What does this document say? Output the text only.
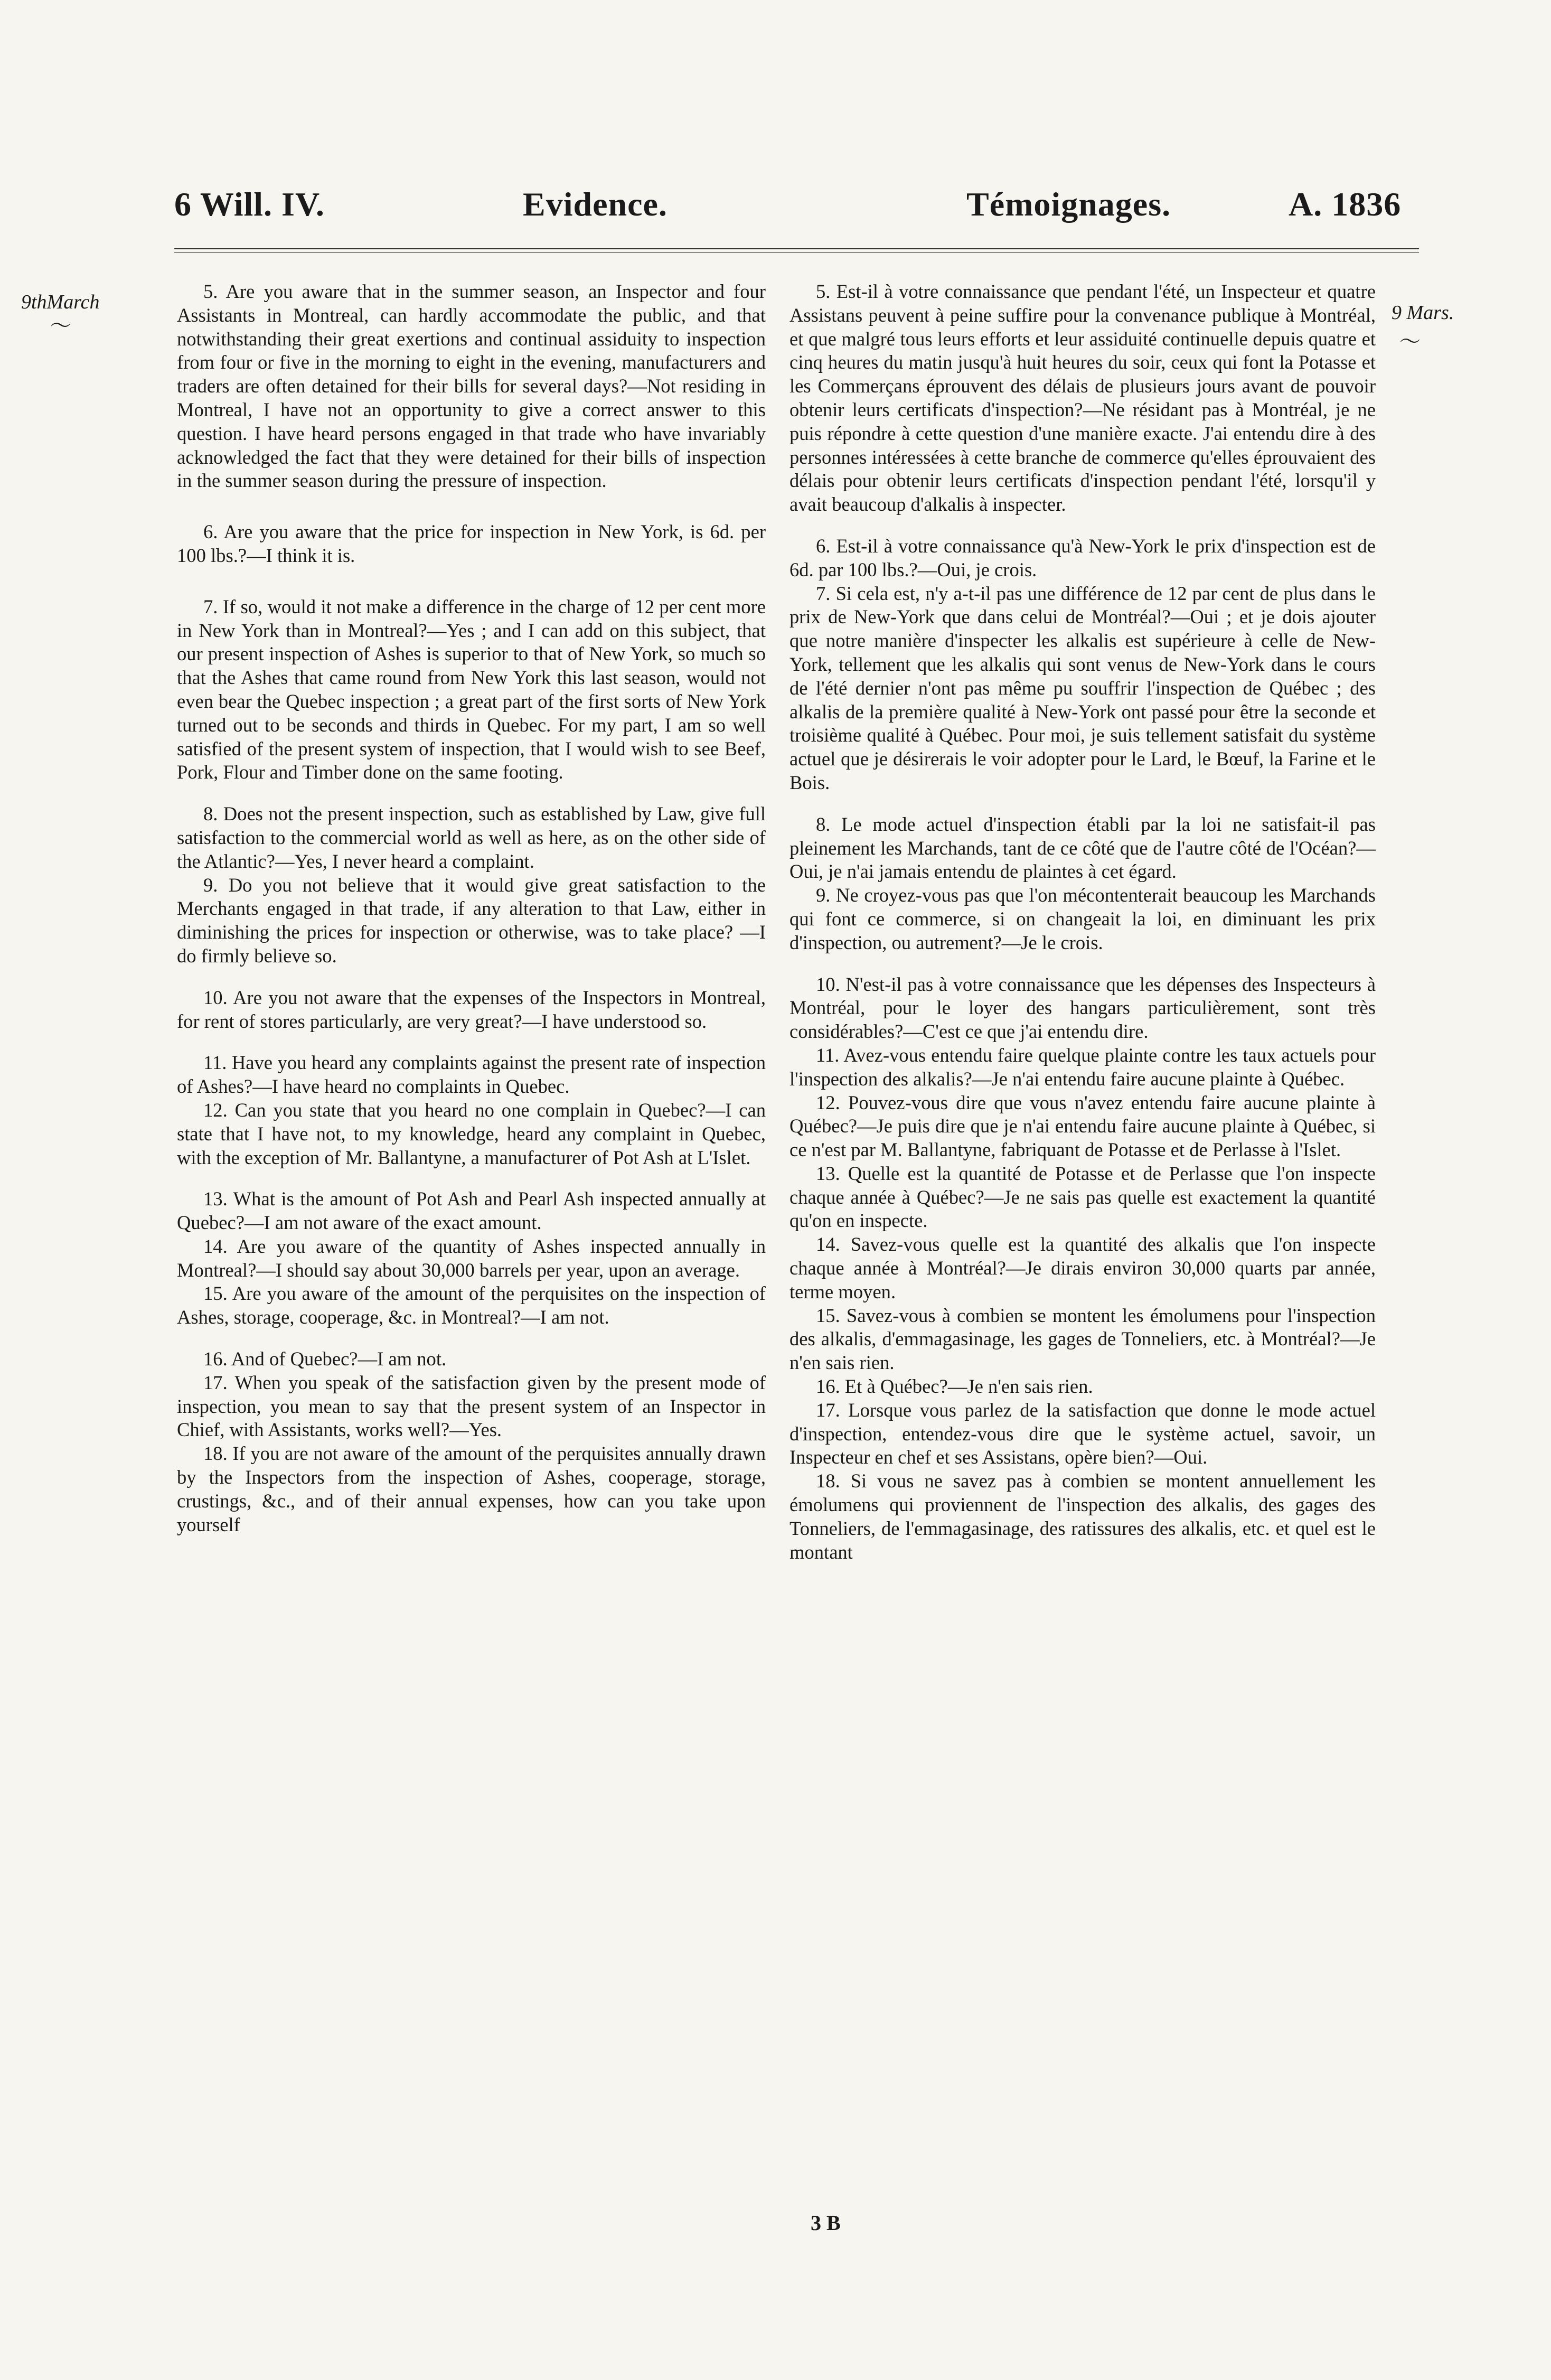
6 Will. IV.	Evidence.	Témoignages.	A. 1836
9thMarch
〜
9 Mars.
〜

5. Are you aware that in the summer season, an Inspector and four Assistants in Montreal, can hardly accommodate the public, and that notwithstanding their great exertions and continual assiduity to inspection from four or five in the morning to eight in the evening, manufacturers and traders are often detained for their bills for several days?—Not residing in Montreal, I have not an opportunity to give a correct answer to this question. I have heard persons engaged in that trade who have invariably acknowledged the fact that they were detained for their bills of inspection in the summer season during the pressure of inspection.

6. Are you aware that the price for inspection in New York, is 6d. per 100 lbs.?—I think it is.

7. If so, would it not make a difference in the charge of 12 per cent more in New York than in Montreal?—Yes ; and I can add on this subject, that our present inspection of Ashes is superior to that of New York, so much so that the Ashes that came round from New York this last season, would not even bear the Quebec inspection ; a great part of the first sorts of New York turned out to be seconds and thirds in Quebec. For my part, I am so well satisfied of the present system of inspection, that I would wish to see Beef, Pork, Flour and Timber done on the same footing.

8. Does not the present inspection, such as established by Law, give full satisfaction to the commercial world as well as here, as on the other side of the Atlantic?—Yes, I never heard a complaint.

9. Do you not believe that it would give great satisfaction to the Merchants engaged in that trade, if any alteration to that Law, either in diminishing the prices for inspection or otherwise, was to take place? —I do firmly believe so.

10. Are you not aware that the expenses of the Inspectors in Montreal, for rent of stores particularly, are very great?—I have understood so.

11. Have you heard any complaints against the present rate of inspection of Ashes?—I have heard no complaints in Quebec.

12. Can you state that you heard no one complain in Quebec?—I can state that I have not, to my knowledge, heard any complaint in Quebec, with the exception of Mr. Ballantyne, a manufacturer of Pot Ash at L'Islet.

13. What is the amount of Pot Ash and Pearl Ash inspected annually at Quebec?—I am not aware of the exact amount.

14. Are you aware of the quantity of Ashes inspected annually in Montreal?—I should say about 30,000 barrels per year, upon an average.

15. Are you aware of the amount of the perquisites on the inspection of Ashes, storage, cooperage, &c. in Montreal?—I am not.

16. And of Quebec?—I am not.

17. When you speak of the satisfaction given by the present mode of inspection, you mean to say that the present system of an Inspector in Chief, with Assistants, works well?—Yes.

18. If you are not aware of the amount of the perquisites annually drawn by the Inspectors from the inspection of Ashes, cooperage, storage, crustings, &c., and of their annual expenses, how can you take upon yourself

5. Est-il à votre connaissance que pendant l'été, un Inspecteur et quatre Assistans peuvent à peine suffire pour la convenance publique à Montréal, et que malgré tous leurs efforts et leur assiduité continuelle depuis quatre et cinq heures du matin jusqu'à huit heures du soir, ceux qui font la Potasse et les Commerçans éprouvent des délais de plusieurs jours avant de pouvoir obtenir leurs certificats d'inspection?—Ne résidant pas à Montréal, je ne puis répondre à cette question d'une manière exacte. J'ai entendu dire à des personnes intéressées à cette branche de commerce qu'elles éprouvaient des délais pour obtenir leurs certificats d'inspection pendant l'été, lorsqu'il y avait beaucoup d'alkalis à inspecter.

6. Est-il à votre connaissance qu'à New-York le prix d'inspection est de 6d. par 100 lbs.?—Oui, je crois.

7. Si cela est, n'y a-t-il pas une différence de 12 par cent de plus dans le prix de New-York que dans celui de Montréal?—Oui ; et je dois ajouter que notre manière d'inspecter les alkalis est supérieure à celle de New-York, tellement que les alkalis qui sont venus de New-York dans le cours de l'été dernier n'ont pas même pu souffrir l'inspection de Québec ; des alkalis de la première qualité à New-York ont passé pour être la seconde et troisième qualité à Québec. Pour moi, je suis tellement satisfait du système actuel que je désirerais le voir adopter pour le Lard, le Bœuf, la Farine et le Bois.

8. Le mode actuel d'inspection établi par la loi ne satisfait-il pas pleinement les Marchands, tant de ce côté que de l'autre côté de l'Océan?—Oui, je n'ai jamais entendu de plaintes à cet égard.

9. Ne croyez-vous pas que l'on mécontenterait beaucoup les Marchands qui font ce commerce, si on changeait la loi, en diminuant les prix d'inspection, ou autrement?—Je le crois.

10. N'est-il pas à votre connaissance que les dépenses des Inspecteurs à Montréal, pour le loyer des hangars particulièrement, sont très considérables?—C'est ce que j'ai entendu dire.

11. Avez-vous entendu faire quelque plainte contre les taux actuels pour l'inspection des alkalis?—Je n'ai entendu faire aucune plainte à Québec.

12. Pouvez-vous dire que vous n'avez entendu faire aucune plainte à Québec?—Je puis dire que je n'ai entendu faire aucune plainte à Québec, si ce n'est par M. Ballantyne, fabriquant de Potasse et de Perlasse à l'Islet.

13. Quelle est la quantité de Potasse et de Perlasse que l'on inspecte chaque année à Québec?—Je ne sais pas quelle est exactement la quantité qu'on en inspecte.

14. Savez-vous quelle est la quantité des alkalis que l'on inspecte chaque année à Montréal?—Je dirais environ 30,000 quarts par année, terme moyen.

15. Savez-vous à combien se montent les émolumens pour l'inspection des alkalis, d'emmagasinage, les gages de Tonneliers, etc. à Montréal?—Je n'en sais rien.

16. Et à Québec?—Je n'en sais rien.

17. Lorsque vous parlez de la satisfaction que donne le mode actuel d'inspection, entendez-vous dire que le système actuel, savoir, un Inspecteur en chef et ses Assistans, opère bien?—Oui.

18. Si vous ne savez pas à combien se montent annuellement les émolumens qui proviennent de l'inspection des alkalis, des gages des Tonneliers, de l'emmagasinage, des ratissures des alkalis, etc. et quel est le montant

3 B
